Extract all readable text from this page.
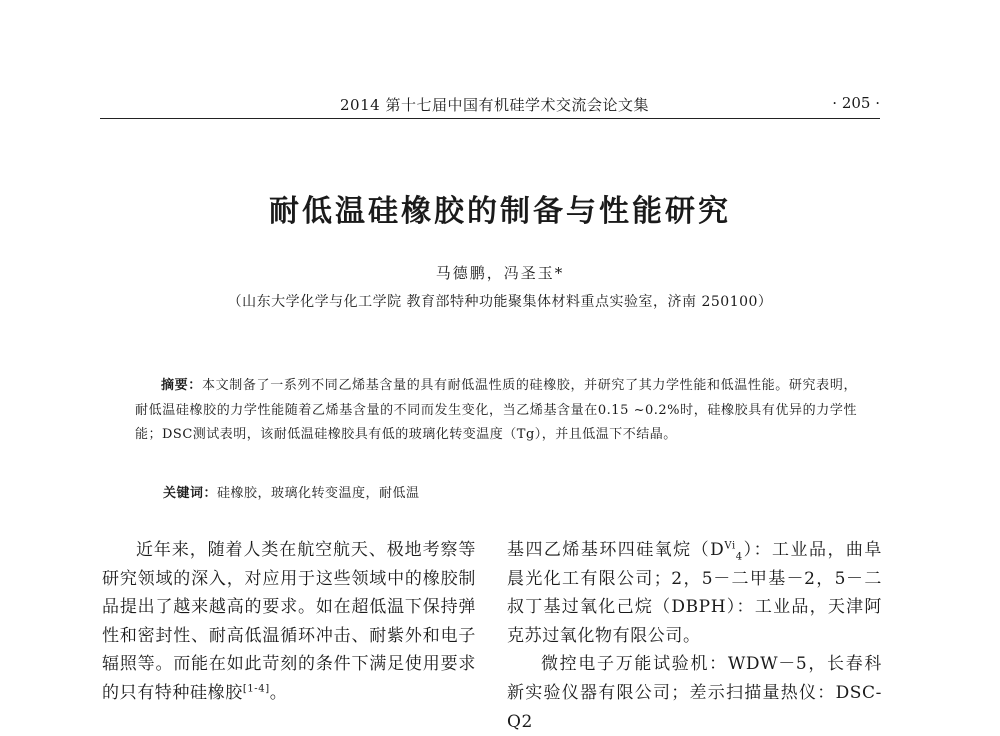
2014 第十七届中国有机硅学术交流会论文集	· 205 ·
耐低温硅橡胶的制备与性能研究
马德鹏，冯圣玉*
（山东大学化学与化工学院 教育部特种功能聚集体材料重点实验室，济南 250100）
摘要：本文制备了一系列不同乙烯基含量的具有耐低温性质的硅橡胶，并研究了其力学性能和低温性能。研究表明，耐低温硅橡胶的力学性能随着乙烯基含量的不同而发生变化，当乙烯基含量在0.15 ~0.2%时，硅橡胶具有优异的力学性能；DSC测试表明，该耐低温硅橡胶具有低的玻璃化转变温度（Tg），并且低温下不结晶。
关键词：硅橡胶，玻璃化转变温度，耐低温

近年来，随着人类在航空航天、极地考察等研究领域的深入，对应用于这些领域中的橡胶制品提出了越来越高的要求。如在超低温下保持弹性和密封性、耐高低温循环冲击、耐紫外和电子辐照等。而能在如此苛刻的条件下满足使用要求的只有特种硅橡胶[1-4]。

基四乙烯基环四硅氧烷$(D^{Vi}_4)$：工业品，曲阜晨光化工有限公司；2，5－二甲基－2，5－二叔丁基过氧化己烷（DBPH）：工业品，天津阿克苏过氧化物有限公司。

微控电子万能试验机：WDW－5，长春科新实验仪器有限公司；差示扫描量热仪：DSC-Q2
